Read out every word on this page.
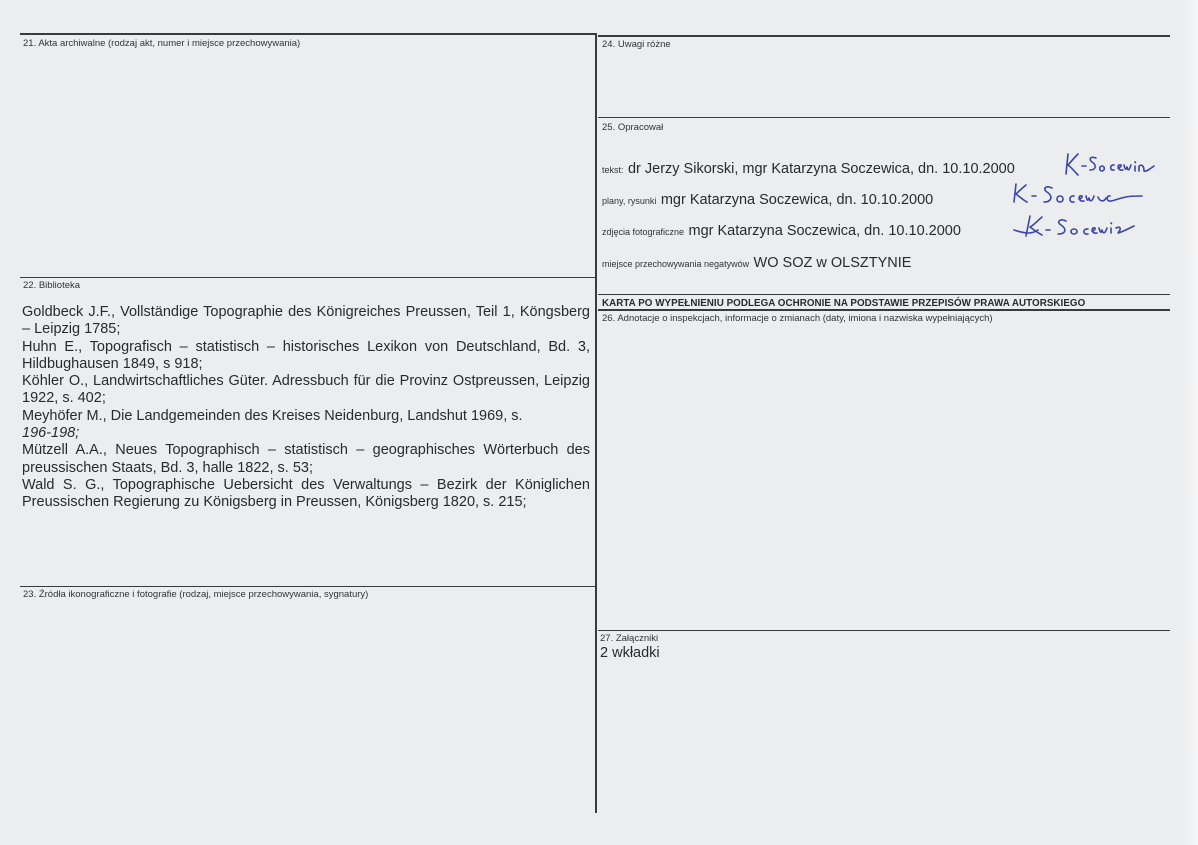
21. Akta archiwalne (rodzaj akt, numer i miejsce przechowywania)
22. Biblioteka
Goldbeck J.F., Vollständige Topographie des Königreiches Preussen, Teil 1, Köngsberg – Leipzig 1785;
Huhn E., Topografisch – statistisch – historisches Lexikon von Deutschland, Bd. 3, Hildbughausen 1849, s 918;
Köhler O., Landwirtschaftliches Güter. Adressbuch für die Provinz Ostpreussen, Leipzig 1922, s. 402;
Meyhöfer M., Die Landgemeinden des Kreises Neidenburg, Landshut 1969, s.
196-198;
Mützell A.A., Neues Topographisch – statistisch – geographisches Wörterbuch des preussischen Staats, Bd. 3, halle 1822, s. 53;
Wald S. G., Topographische Uebersicht des Verwaltungs – Bezirk der Königlichen Preussischen Regierung zu Königsberg in Preussen, Königsberg 1820, s. 215;
23. Źródła ikonograficzne i fotografie (rodzaj, miejsce przechowywania, sygnatury)
24. Uwagi różne
25. Opracował
tekst: dr Jerzy Sikorski, mgr Katarzyna Soczewica, dn. 10.10.2000
plany, rysunki mgr Katarzyna Soczewica, dn. 10.10.2000
zdjęcia fotograficzne mgr Katarzyna Soczewica, dn. 10.10.2000
miejsce przechowywania negatywów WO SOZ w OLSZTYNIE
KARTA PO WYPEŁNIENIU PODLEGA OCHRONIE NA PODSTAWIE PRZEPISÓW PRAWA AUTORSKIEGO
26. Adnotacje o inspekcjach, informacje o zmianach (daty, imiona i nazwiska wypełniających)
27. Załączniki
2 wkładki
